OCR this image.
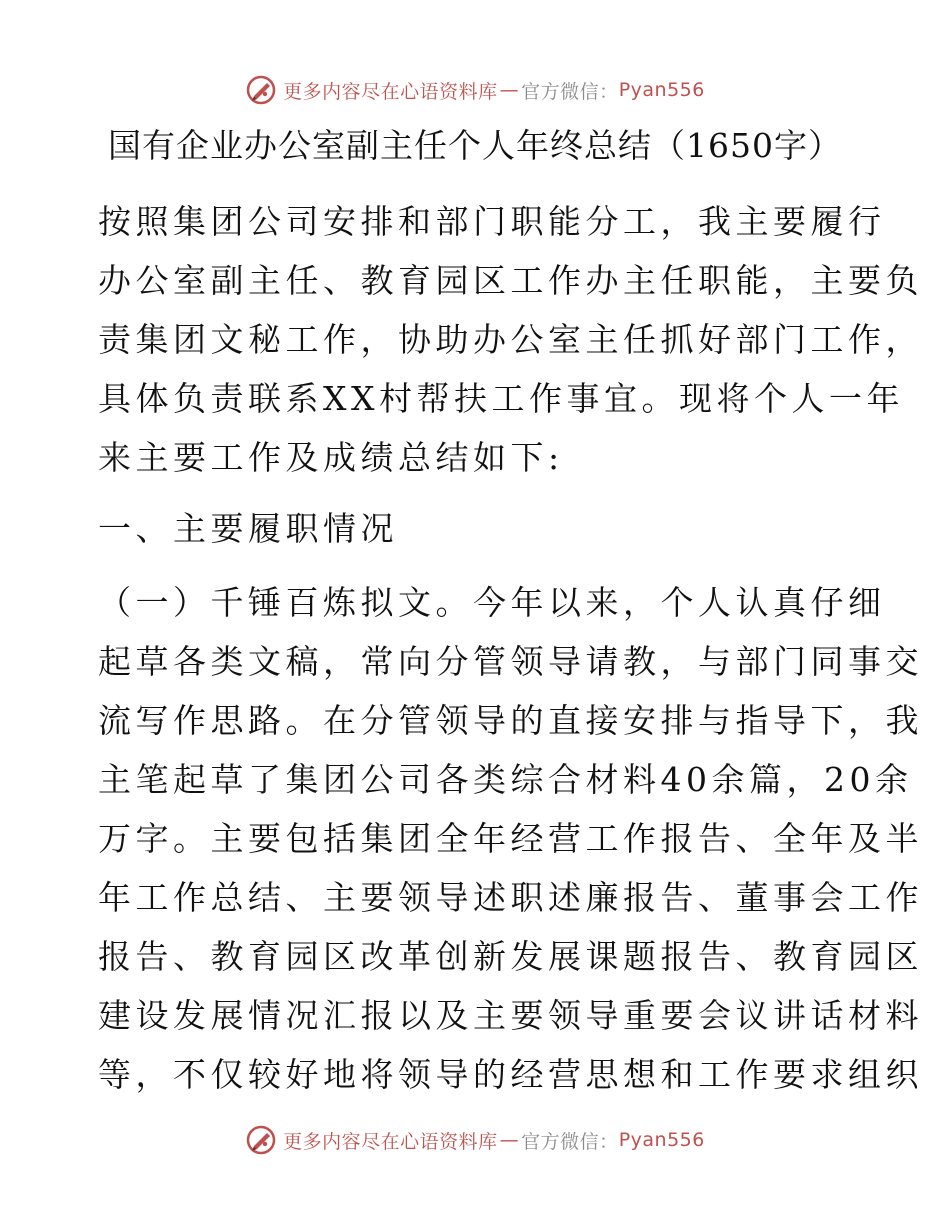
更多内容尽在心语资料库 — 官方微信： Pyan556
国有企业办公室副主任个人年终总结（1650字）

按照集团公司安排和部门职能分工，我主要履行
办公室副主任、教育园区工作办主任职能，主要负
责集团文秘工作，协助办公室主任抓好部门工作，
具体负责联系XX村帮扶工作事宜。现将个人一年
来主要工作及成绩总结如下:

一、主要履职情况

（一）千锤百炼拟文。今年以来，个人认真仔细
起草各类文稿，常向分管领导请教，与部门同事交
流写作思路。在分管领导的直接安排与指导下，我
主笔起草了集团公司各类综合材料40余篇，20余
万字。主要包括集团全年经营工作报告、全年及半
年工作总结、主要领导述职述廉报告、董事会工作
报告、教育园区改革创新发展课题报告、教育园区
建设发展情况汇报以及主要领导重要会议讲话材料
等，不仅较好地将领导的经营思想和工作要求组织

更多内容尽在心语资料库 — 官方微信： Pyan556
